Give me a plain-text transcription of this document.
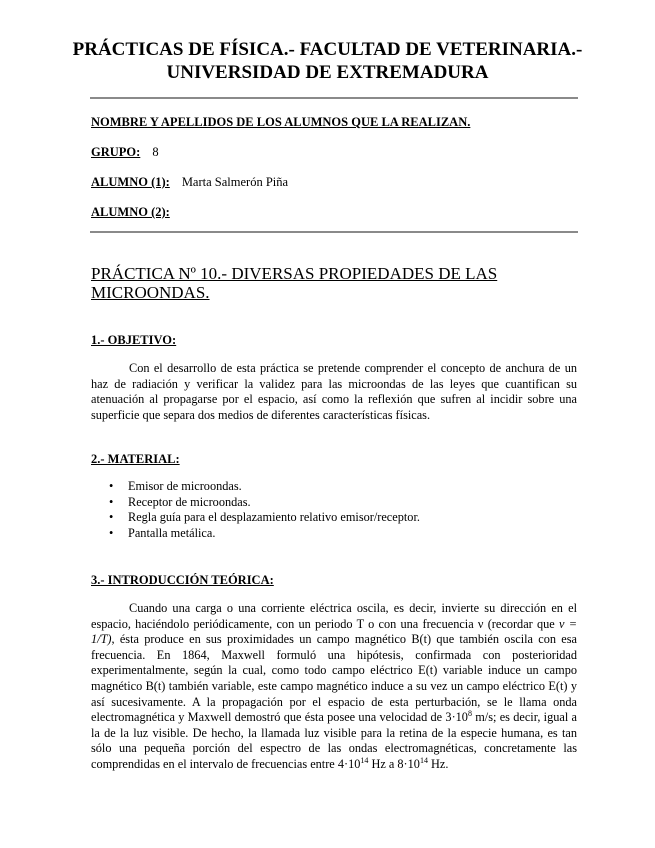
PRÁCTICAS DE FÍSICA.- FACULTAD DE VETERINARIA.- UNIVERSIDAD DE EXTREMADURA
NOMBRE Y APELLIDOS DE LOS ALUMNOS QUE LA REALIZAN.
GRUPO: 8
ALUMNO (1): Marta Salmerón Piña
ALUMNO (2):
PRÁCTICA Nº 10.- DIVERSAS PROPIEDADES DE LAS MICROONDAS.
1.- OBJETIVO:

Con el desarrollo de esta práctica se pretende comprender el concepto de anchura de un haz de radiación y verificar la validez para las microondas de las leyes que cuantifican su atenuación al propagarse por el espacio, así como la reflexión que sufren al incidir sobre una superficie que separa dos medios de diferentes características físicas.

2.- MATERIAL:
• Emisor de microondas.
• Receptor de microondas.
• Regla guía para el desplazamiento relativo emisor/receptor.
• Pantalla metálica.
3.- INTRODUCCIÓN TEÓRICA:

Cuando una carga o una corriente eléctrica oscila, es decir, invierte su dirección en el espacio, haciéndolo periódicamente, con un periodo T o con una frecuencia ν (recordar que ν = 1/T), ésta produce en sus proximidades un campo magnético B(t) que también oscila con esa frecuencia. En 1864, Maxwell formuló una hipótesis, confirmada con posterioridad experimentalmente, según la cual, como todo campo eléctrico E(t) variable induce un campo magnético B(t) también variable, este campo magnético induce a su vez un campo eléctrico E(t) y así sucesivamente. A la propagación por el espacio de esta perturbación, se le llama onda electromagnética y Maxwell demostró que ésta posee una velocidad de $3\cdot 10^8$ m/s; es decir, igual a la de la luz visible. De hecho, la llamada luz visible para la retina de la especie humana, es tan sólo una pequeña porción del espectro de las ondas electromagnéticas, concretamente las comprendidas en el intervalo de frecuencias entre $4\cdot 10^{14}$ Hz a $8\cdot 10^{14}$ Hz.
